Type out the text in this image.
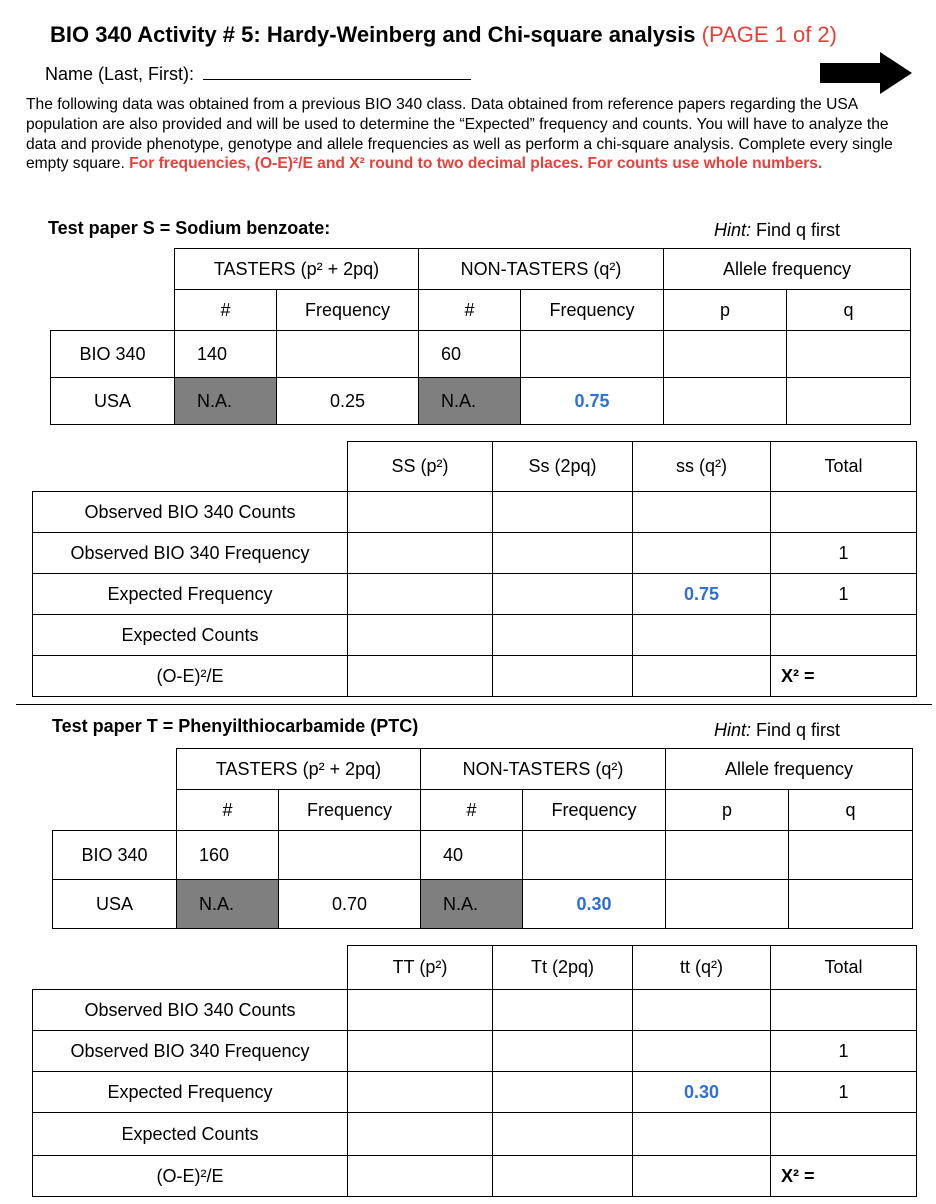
BIO 340 Activity # 5: Hardy-Weinberg and Chi-square analysis (PAGE 1 of 2)
Name (Last, First):
The following data was obtained from a previous BIO 340 class. Data obtained from reference papers regarding the USA population are also provided and will be used to determine the “Expected” frequency and counts. You will have to analyze the data and provide phenotype, genotype and allele frequencies as well as perform a chi-square analysis. Complete every single empty square. For frequencies, (O-E)²/E and X² round to two decimal places. For counts use whole numbers.
Test paper S = Sodium benzoate:	Hint: Find q first
	TASTERS (p² + 2pq)		NON-TASTERS (q²)		Allele frequency	
	#	Frequency	#	Frequency	p	q
BIO 340	140		60			
USA	N.A.	0.25	N.A.	0.75		
	SS (p²)	Ss (2pq)	ss (q²)	Total
Observed BIO 340 Counts				
Observed BIO 340 Frequency				1
Expected Frequency			0.75	1
Expected Counts				
(O-E)²/E				X² =
Test paper T = Phenyilthiocarbamide (PTC)	Hint: Find q first
	TASTERS (p² + 2pq)		NON-TASTERS (q²)		Allele frequency	
	#	Frequency	#	Frequency	p	q
BIO 340	160		40			
USA	N.A.	0.70	N.A.	0.30		
	TT (p²)	Tt (2pq)	tt (q²)	Total
Observed BIO 340 Counts				
Observed BIO 340 Frequency				1
Expected Frequency			0.30	1
Expected Counts				
(O-E)²/E				X² =
